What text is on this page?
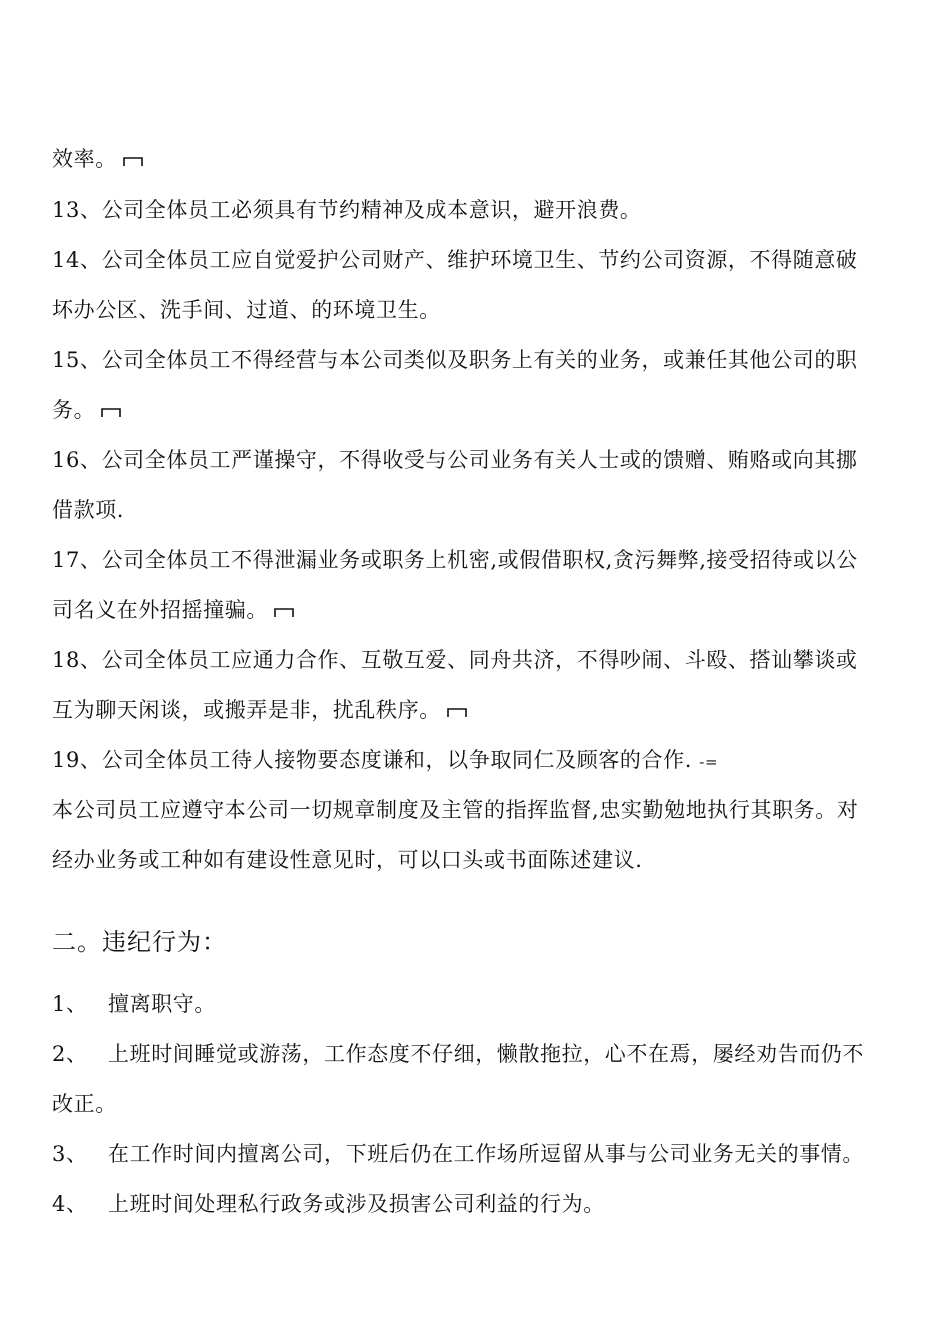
效率。
13、公司全体员工必须具有节约精神及成本意识，避开浪费。
14、公司全体员工应自觉爱护公司财产、维护环境卫生、节约公司资源，不得随意破
坏办公区、洗手间、过道、的环境卫生。
15、公司全体员工不得经营与本公司类似及职务上有关的业务，或兼任其他公司的职
务。
16、公司全体员工严谨操守，不得收受与公司业务有关人士或的馈赠、贿赂或向其挪
借款项.
17、公司全体员工不得泄漏业务或职务上机密,或假借职权,贪污舞弊,接受招待或以公
司名义在外招摇撞骗。
18、公司全体员工应通力合作、互敬互爱、同舟共济，不得吵闹、斗殴、搭讪攀谈或
互为聊天闲谈，或搬弄是非，扰乱秩序。
19、公司全体员工待人接物要态度谦和，以争取同仁及顾客的合作. -=
本公司员工应遵守本公司一切规章制度及主管的指挥监督,忠实勤勉地执行其职务。对
经办业务或工种如有建设性意见时，可以口头或书面陈述建议.
二。违纪行为：
1、 擅离职守。
2、 上班时间睡觉或游荡，工作态度不仔细，懒散拖拉，心不在焉，屡经劝告而仍不
改正。
3、 在工作时间内擅离公司，下班后仍在工作场所逗留从事与公司业务无关的事情。
4、 上班时间处理私行政务或涉及损害公司利益的行为。
